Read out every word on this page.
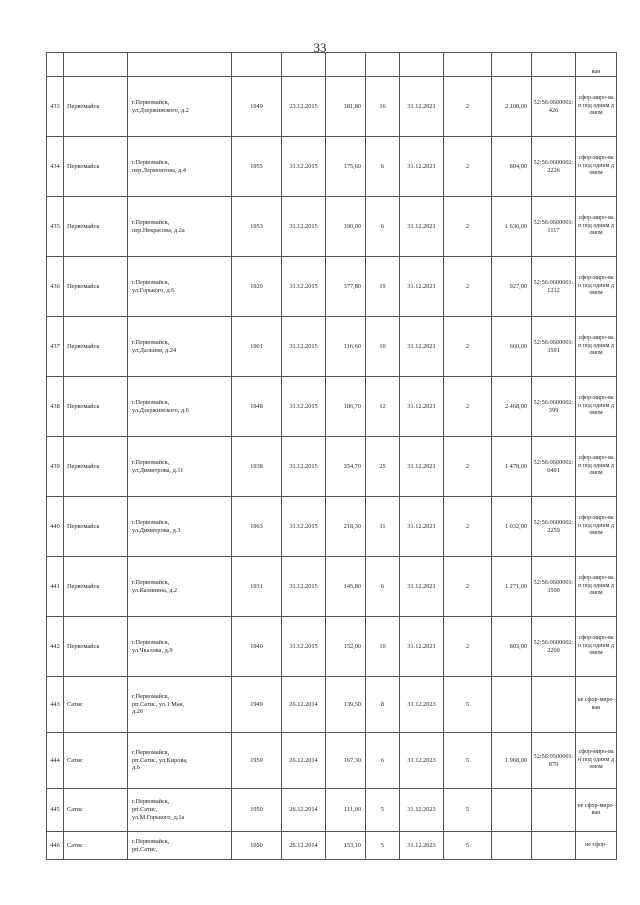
33
											ван
433	Первомайск	г.Первомайск,
ул.Дзержинского, д.2	1949	23.12.2015	181,80	16	31.12.2021	2	2 108,00	52:56:0600002:426	сфор-миро-ван под одним домом
434	Первомайск	г.Первомайск,
пер.Лермонтова, д.4	1955	31.12.2015	175,60	6	31.12.2021	2	804,00	52:56:0600002:2226	сфор-миро-ван под одним домом
435	Первомайск	г.Первомайск,
пер.Некрасова, д.2а	1953	31.12.2015	190,00	6	31.12.2021	2	1 636,00	52:56:0600001:1117	сфор-миро-ван под одним домом
436	Первомайск	г.Первомайск,
ул.Горького, д.6	1920	31.12.2015	377,80	19	31.12.2021	2	927,00	52:56:0600001:1212	сфор-миро-ван под одним домом
437	Первомайск	г.Первомайск,
ул.Дальняя, д.24	1901	31.12.2015	116,60	10	31.12.2021	2	660,00	52:56:0600001:3591	сфор-миро-ван под одним домом
438	Первомайск	г.Первомайск,
ул.Дзержинского, д.6	1948	31.12.2015	186,70	12	31.12.2021	2	2 468,00	52:56:0600002:399	сфор-миро-ван под одним домом
439	Первомайск	г.Первомайск,
ул.Димитрова, д.11	1938	31.12.2015	354,70	25	31.12.2021	2	1 478,00	52:56:0600002:0401	сфор-миро-ван под одним домом
440	Первомайск	г.Первомайск,
ул.Димитрова, д.3	1963	31.12.2015	218,30	11	31.12.2021	2	1 032,00	52:56:0600002:2259	сфор-миро-ван под одним домом
441	Первомайск	г.Первомайск,
ул.Калинина, д.2	1931	31.12.2015	145,80	6	31.12.2021	2	1 271,00	52:56:0600001:3590	сфор-миро-ван под одним домом
442	Первомайск	г.Первомайск,
ул.Чкалова, д.9	1940	31.12.2015	152,00	10	31.12.2021	2	803,00	52:56:0600002:2260	сфор-миро-ван под одним домом
443	Сатис	г.Первомайск,
рп.Сатис, ул.1 Мая,
д.20	1949	26.12.2014	139,50	8	31.12.2023	5			не сфор-миро-ван
444	Сатис	г.Первомайск,
рп.Сатис, ул.Кирова,
д.6	1959	26.12.2014	167,30	6	31.12.2023	5	1 968,00	52:56:0500001:879	сфор-миро-ван под одним домом
445	Сатис	г.Первомайск,
рп.Сатис,
ул.М.Горького, д.1а	1950	26.12.2014	111,00	5	31.12.2023	5			не сфор-миро-ван
446	Сатис	г.Первомайск,
рп.Сатис,	1950	26.12.2014	153,10	5	31.12.2023	5			не сфор-
